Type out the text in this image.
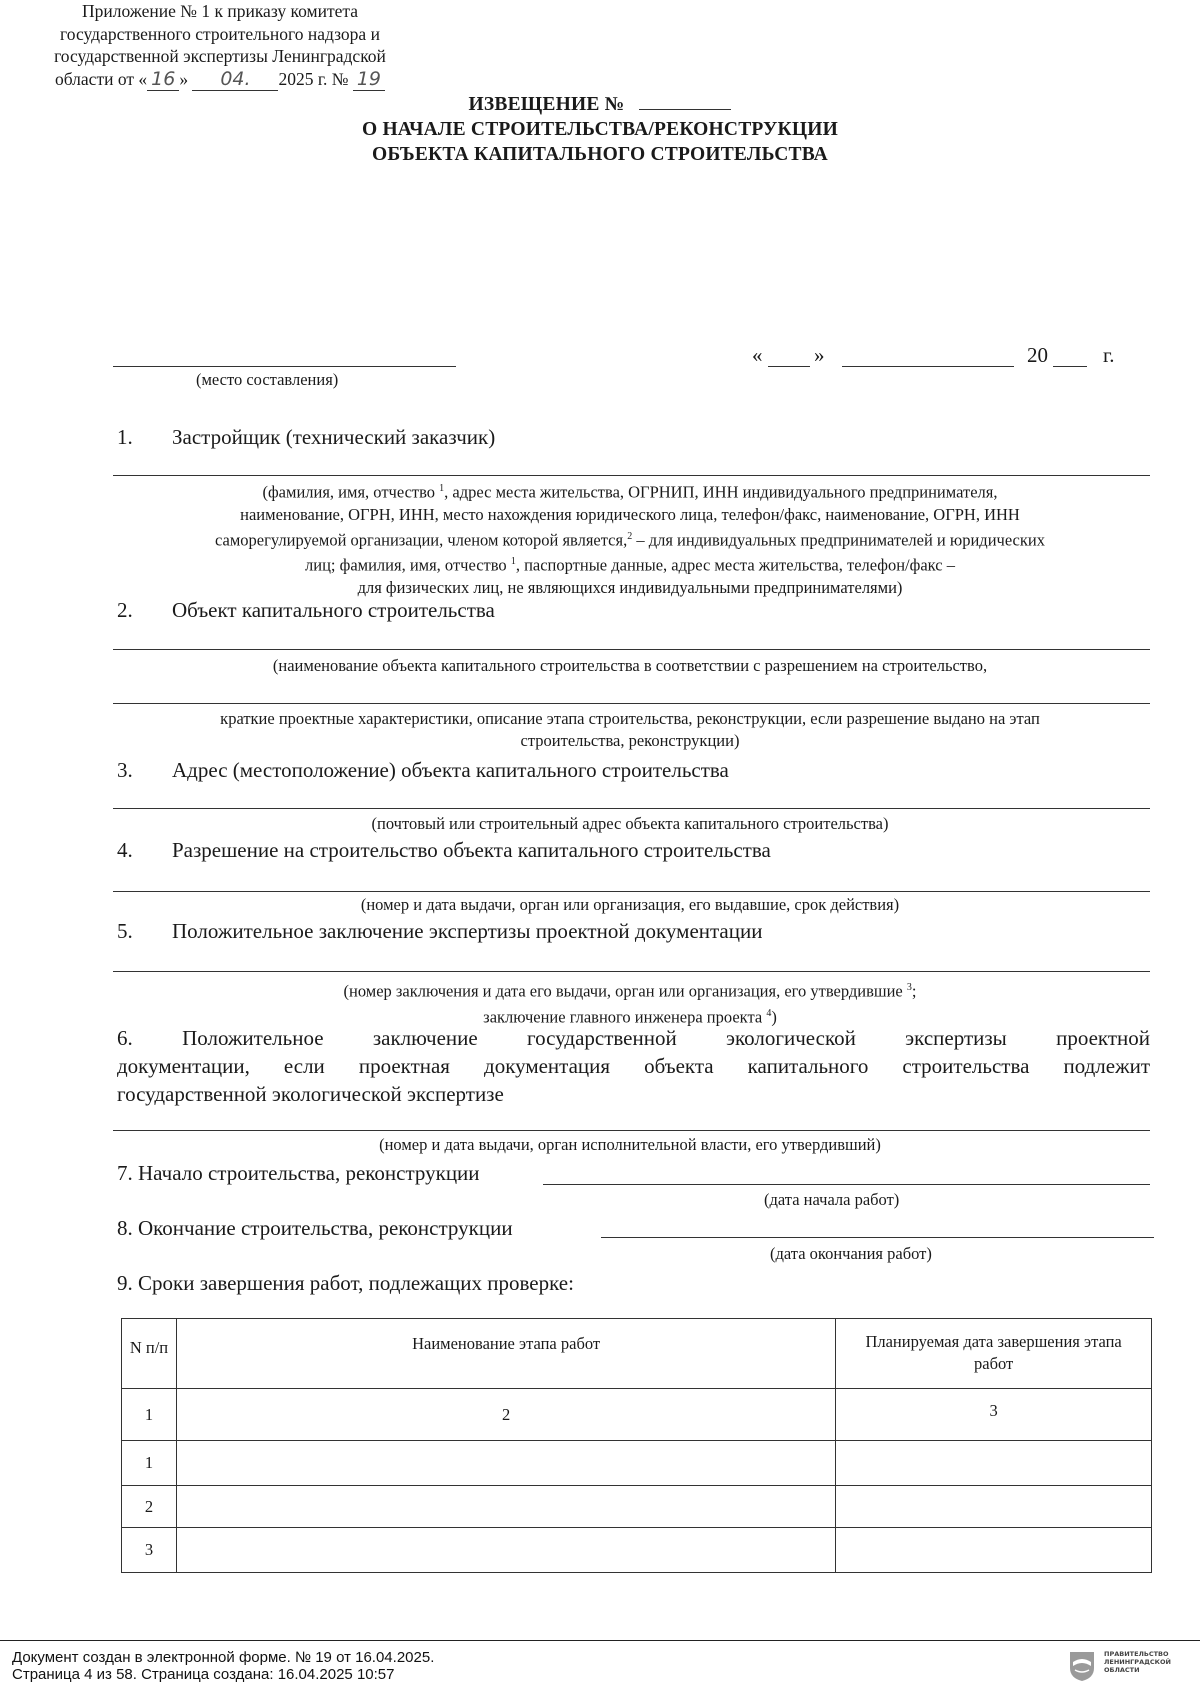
Приложение № 1 к приказу комитета
государственного строительного надзора и
государственной экспертизы Ленинградской
области от « 16 » 04. 2025 г. № 19
ИЗВЕЩЕНИЕ №
О НАЧАЛЕ СТРОИТЕЛЬСТВА/РЕКОНСТРУКЦИИ
ОБЪЕКТА КАПИТАЛЬНОГО СТРОИТЕЛЬСТВА
(место составления)
« »	20	г.
1. Застройщик (технический заказчик)
(фамилия, имя, отчество $^1$, адрес места жительства, ОГРНИП, ИНН индивидуального предпринимателя,
наименование, ОГРН, ИНН, место нахождения юридического лица, телефон/факс, наименование, ОГРН, ИНН
саморегулируемой организации, членом которой является,$^2$ – для индивидуальных предпринимателей и юридических
лиц; фамилия, имя, отчество $^1$, паспортные данные, адрес места жительства, телефон/факс –
для физических лиц, не являющихся индивидуальными предпринимателями)
2. Объект капитального строительства
(наименование объекта капитального строительства в соответствии с разрешением на строительство,
краткие проектные характеристики, описание этапа строительства, реконструкции, если разрешение выдано на этап
строительства, реконструкции)
3. Адрес (местоположение) объекта капитального строительства
(почтовый или строительный адрес объекта капитального строительства)
4. Разрешение на строительство объекта капитального строительства
(номер и дата выдачи, орган или организация, его выдавшие, срок действия)
5. Положительное заключение экспертизы проектной документации
(номер заключения и дата его выдачи, орган или организация, его утвердившие $^3$;
заключение главного инженера проекта $^4$)
6. Положительное заключение государственной экологической экспертизы проектной
документации, если проектная документация объекта капитального строительства подлежит
государственной экологической экспертизе
(номер и дата выдачи, орган исполнительной власти, его утвердивший)
7. Начало строительства, реконструкции
(дата начала работ)
8. Окончание строительства, реконструкции
(дата окончания работ)
9. Сроки завершения работ, подлежащих проверке:
N п/п	Наименование этапа работ	Планируемая дата завершения этапа работ
1	2	3
1		
2		
3		
Документ создан в электронной форме. № 19 от 16.04.2025.
Страница 4 из 58. Страница создана: 16.04.2025 10:57
ПРАВИТЕЛЬСТВО
ЛЕНИНГРАДСКОЙ
ОБЛАСТИ
